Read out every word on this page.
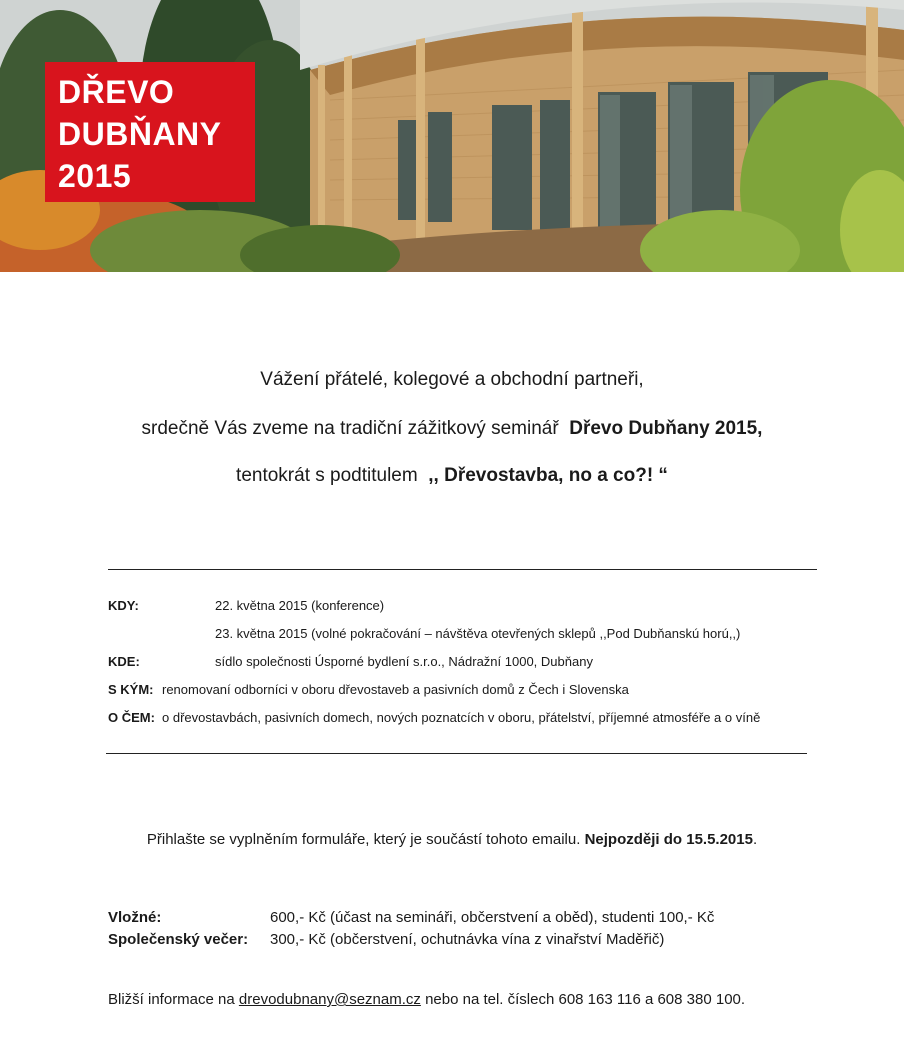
DŘEVO
DUBŇANY
2015
Vážení přátelé, kolegové a obchodní partneři,
srdečně Vás zveme na tradiční zážitkový seminář Dřevo Dubňany 2015,
tentokrát s podtitulem ,, Dřevostavba, no a co?! “
KDY:	22. května 2015 (konference)
23. května 2015 (volné pokračování – návštěva otevřených sklepů ,,Pod Dubňanskú horú,,)
KDE:	sídlo společnosti Úsporné bydlení s.r.o., Nádražní 1000, Dubňany
S KÝM: renomovaní odborníci v oboru dřevostaveb a pasivních domů z Čech i Slovenska
O ČEM: o dřevostavbách, pasivních domech, nových poznatcích v oboru, přátelství, příjemné atmosféře a o víně
Přihlašte se vyplněním formuláře, který je součástí tohoto emailu. Nejpozději do 15.5.2015.
Vložné:	600,- Kč (účast na semináři, občerstvení a oběd), studenti 100,- Kč
Společenský večer: 300,- Kč (občerstvení, ochutnávka vína z vinařství Maděřič)
Bližší informace na drevodubnany@seznam.cz nebo na tel. číslech 608 163 116 a 608 380 100.
